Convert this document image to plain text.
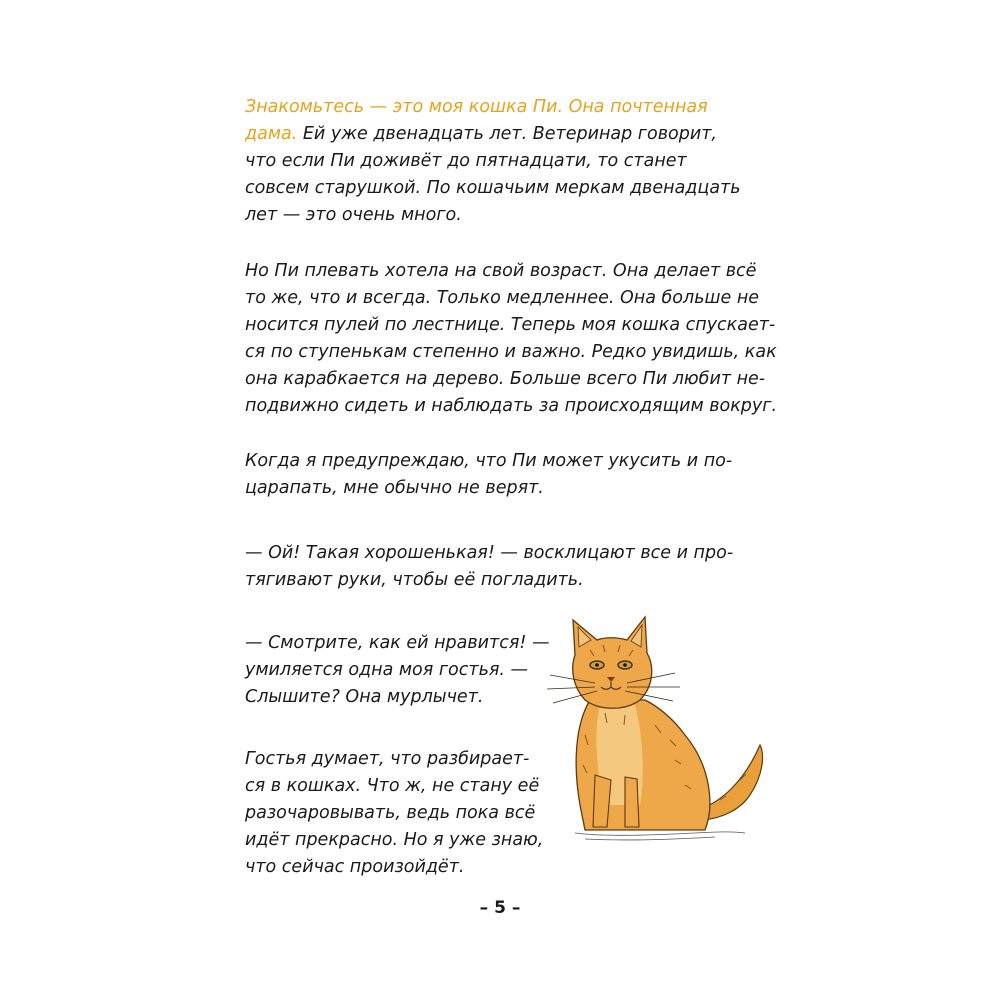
Знакомьтесь — это моя кошка Пи. Она почтенная
дама. Ей уже двенадцать лет. Ветеринар говорит,
что если Пи доживёт до пятнадцати, то станет
совсем старушкой. По кошачьим меркам двенадцать
лет — это очень много.
Но Пи плевать хотела на свой возраст. Она делает всё
то же, что и всегда. Только медленнее. Она больше не
носится пулей по лестнице. Теперь моя кошка спускает-
ся по ступенькам степенно и важно. Редко увидишь, как
она карабкается на дерево. Больше всего Пи любит не-
подвижно сидеть и наблюдать за происходящим вокруг.
Когда я предупреждаю, что Пи может укусить и по-
царапать, мне обычно не верят.
— Ой! Такая хорошенькая! — восклицают все и про-
тягивают руки, чтобы её погладить.
— Смотрите, как ей нравится! —
умиляется одна моя гостья. —
Слышите? Она мурлычет.
Гостья думает, что разбирает-
ся в кошках. Что ж, не стану её
разочаровывать, ведь пока всё
идёт прекрасно. Но я уже знаю,
что сейчас произойдёт.
– 5 –
